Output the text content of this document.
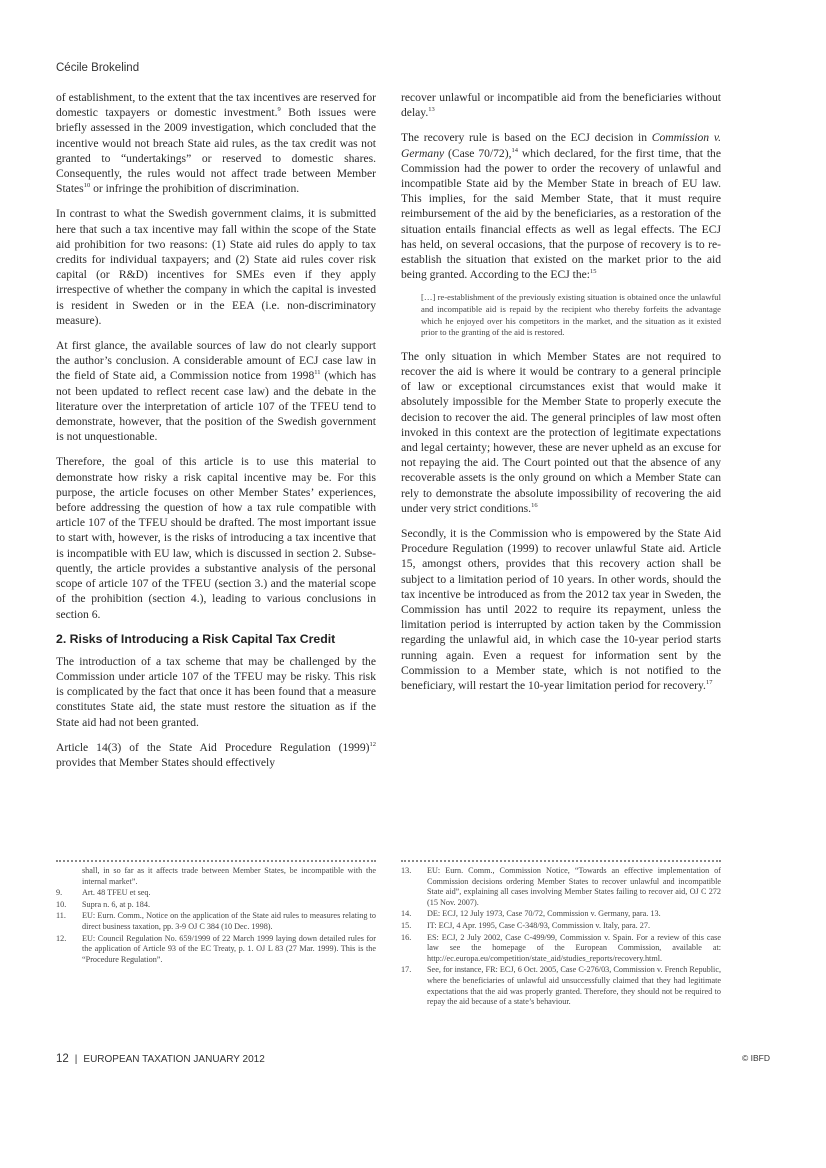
Cécile Brokelind

of establishment, to the extent that the tax incentives are reserved for domestic taxpayers or domestic investment.$^9$ Both issues were briefly assessed in the 2009 investigation, which concluded that the incentive would not breach State aid rules, as the tax credit was not granted to “undertakings” or reserved to domestic shares. Consequently, the rules would not affect trade between Member States$^{10}$ or infringe the prohibition of discrimination.

In contrast to what the Swedish government claims, it is submitted here that such a tax incentive may fall within the scope of the State aid prohibition for two reasons: (1) State aid rules do apply to tax credits for individual taxpayers; and (2) State aid rules cover risk capital (or R&D) incentives for SMEs even if they apply irrespective of whether the company in which the capital is invested is resident in Sweden or in the EEA (i.e. non-discriminatory measure).

At first glance, the available sources of law do not clearly support the author’s conclusion. A considerable amount of ECJ case law in the field of State aid, a Commission notice from 1998$^{11}$ (which has not been updated to reflect recent case law) and the debate in the literature over the interpretation of article 107 of the TFEU tend to demonstrate, however, that the position of the Swedish government is not unquestionable.

Therefore, the goal of this article is to use this material to demonstrate how risky a risk capital incentive may be. For this purpose, the article focuses on other Member States’ experiences, before addressing the question of how a tax rule compatible with article 107 of the TFEU should be drafted. The most important issue to start with, however, is the risks of introducing a tax incentive that is incompatible with EU law, which is discussed in section 2. Subsequently, the article provides a substantive analysis of the personal scope of article 107 of the TFEU (section 3.) and the material scope of the prohibition (section 4.), leading to various conclusions in section 6.

2. Risks of Introducing a Risk Capital Tax Credit

The introduction of a tax scheme that may be challenged by the Commission under article 107 of the TFEU may be risky. This risk is complicated by the fact that once it has been found that a measure constitutes State aid, the state must restore the situation as if the State aid had not been granted.

Article 14(3) of the State Aid Procedure Regulation $(1999)^{12}$ provides that Member States should effectively

recover unlawful or incompatible aid from the beneficiaries without delay.$^{13}$

The recovery rule is based on the ECJ decision in Commission v. Germany (Case 70/72),$^{14}$ which declared, for the first time, that the Commission had the power to order the recovery of unlawful and incompatible State aid by the Member State in breach of EU law. This implies, for the said Member State, that it must require reimbursement of the aid by the beneficiaries, as a restoration of the situation entails financial effects as well as legal effects. The ECJ has held, on several occasions, that the purpose of recovery is to re-establish the situation that existed on the market prior to the aid being granted. According to the ECJ the:$^{15}$

[…] re-establishment of the previously existing situation is obtained once the unlawful and incompatible aid is repaid by the recipient who thereby forfeits the advantage which he enjoyed over his competitors in the market, and the situation as it existed prior to the granting of the aid is restored.

The only situation in which Member States are not required to recover the aid is where it would be contrary to a general principle of law or exceptional circumstances exist that would make it absolutely impossible for the Member State to properly execute the decision to recover the aid. The general principles of law most often invoked in this context are the protection of legitimate expectations and legal certainty; however, these are never upheld as an excuse for not repaying the aid. The Court pointed out that the absence of any recoverable assets is the only ground on which a Member State can rely to demonstrate the absolute impossibility of recovering the aid under very strict conditions.$^{16}$

Secondly, it is the Commission who is empowered by the State Aid Procedure Regulation (1999) to recover unlawful State aid. Article 15, amongst others, provides that this recovery action shall be subject to a limitation period of 10 years. In other words, should the tax incentive be introduced as from the 2012 tax year in Sweden, the Commission has until 2022 to require its repayment, unless the limitation period is interrupted by action taken by the Commission regarding the unlawful aid, in which case the 10-year period starts running again. Even a request for information sent by the Commission to a Member state, which is not notified to the beneficiary, will restart the 10-year limitation period for recovery.$^{17}$

shall, in so far as it affects trade between Member States, be incompatible with the internal market”.
9.	Art. 48 TFEU et seq.
10.	Supra n. 6, at p. 184.
11.	EU: Eurn. Comm., Notice on the application of the State aid rules to measures relating to direct business taxation, pp. 3-9 OJ C 384 (10 Dec. 1998).
12.	EU: Council Regulation No. 659/1999 of 22 March 1999 laying down detailed rules for the application of Article 93 of the EC Treaty, p. 1. OJ L 83 (27 Mar. 1999). This is the “Procedure Regulation”.
13.	EU: Eurn. Comm., Commission Notice, “Towards an effective implementation of Commission decisions ordering Member States to recover unlawful and incompatible State aid”, explaining all cases involving Member States failing to recover aid, OJ C 272 (15 Nov. 2007).
14.	DE: ECJ, 12 July 1973, Case 70/72, Commission v. Germany, para. 13.
15.	IT: ECJ, 4 Apr. 1995, Case C-348/93, Commission v. Italy, para. 27.
16.	ES: ECJ, 2 July 2002, Case C-499/99, Commission v. Spain. For a review of this case law see the homepage of the European Commission, available at: http://ec.europa.eu/competition/state_aid/studies_reports/recovery.html.
17.	See, for instance, FR: ECJ, 6 Oct. 2005, Case C-276/03, Commission v. French Republic, where the beneficiaries of unlawful aid unsuccessfully claimed that they had legitimate expectations that the aid was properly granted. Therefore, they should not be required to repay the aid because of a state’s behaviour.
12 | EUROPEAN TAXATION JANUARY 2012	© IBFD
